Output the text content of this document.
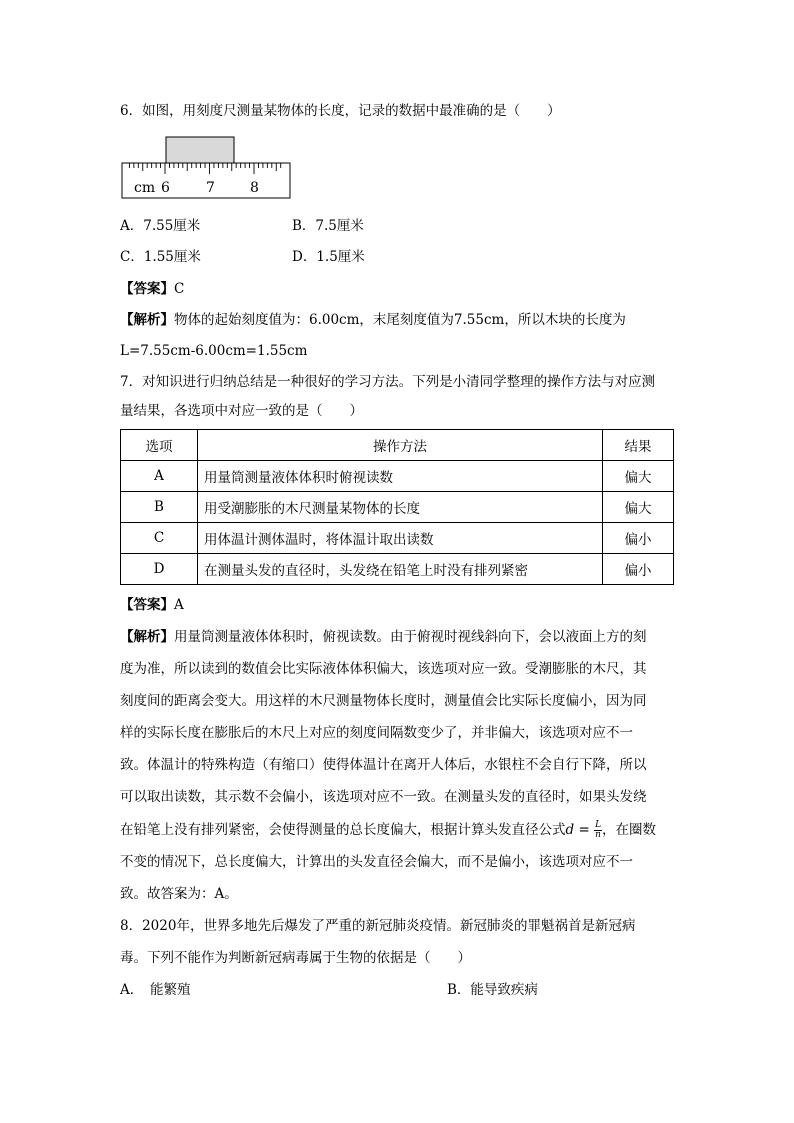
6．如图，用刻度尺测量某物体的长度，记录的数据中最准确的是（　　）
cm 6	7	8
A．7.55厘米	B．7.5厘米
C．1.55厘米	D．1.5厘米
【答案】C
【解析】物体的起始刻度值为：6.00cm，末尾刻度值为7.55cm，所以木块的长度为
L=7.55cm-6.00cm=1.55cm
7．对知识进行归纳总结是一种很好的学习方法。下列是小清同学整理的操作方法与对应测
量结果，各选项中对应一致的是（　　）
选项	操作方法	结果
A	用量筒测量液体体积时俯视读数	偏大
B	用受潮膨胀的木尺测量某物体的长度	偏大
C	用体温计测体温时，将体温计取出读数	偏小
D	在测量头发的直径时，头发绕在铅笔上时没有排列紧密	偏小
【答案】A
【解析】用量筒测量液体体积时，俯视读数。由于俯视时视线斜向下，会以液面上方的刻
度为准，所以读到的数值会比实际液体体积偏大，该选项对应一致。受潮膨胀的木尺，其
刻度间的距离会变大。用这样的木尺测量物体长度时，测量值会比实际长度偏小，因为同
样的实际长度在膨胀后的木尺上对应的刻度间隔数变少了，并非偏大，该选项对应不一
致。体温计的特殊构造（有缩口）使得体温计在离开人体后，水银柱不会自行下降，所以
可以取出读数，其示数不会偏小，该选项对应不一致。在测量头发的直径时，如果头发绕
在铅笔上没有排列紧密，会使得测量的总长度偏大，根据计算头发直径公式$d = \frac{L}{n}$ ，在圈数
不变的情况下，总长度偏大，计算出的头发直径会偏大，而不是偏小，该选项对应不一
致。故答案为：A。
8．2020年，世界多地先后爆发了严重的新冠肺炎疫情。新冠肺炎的罪魁祸首是新冠病
毒。下列不能作为判断新冠病毒属于生物的依据是（　　）
A．　能繁殖	B．能导致疾病
